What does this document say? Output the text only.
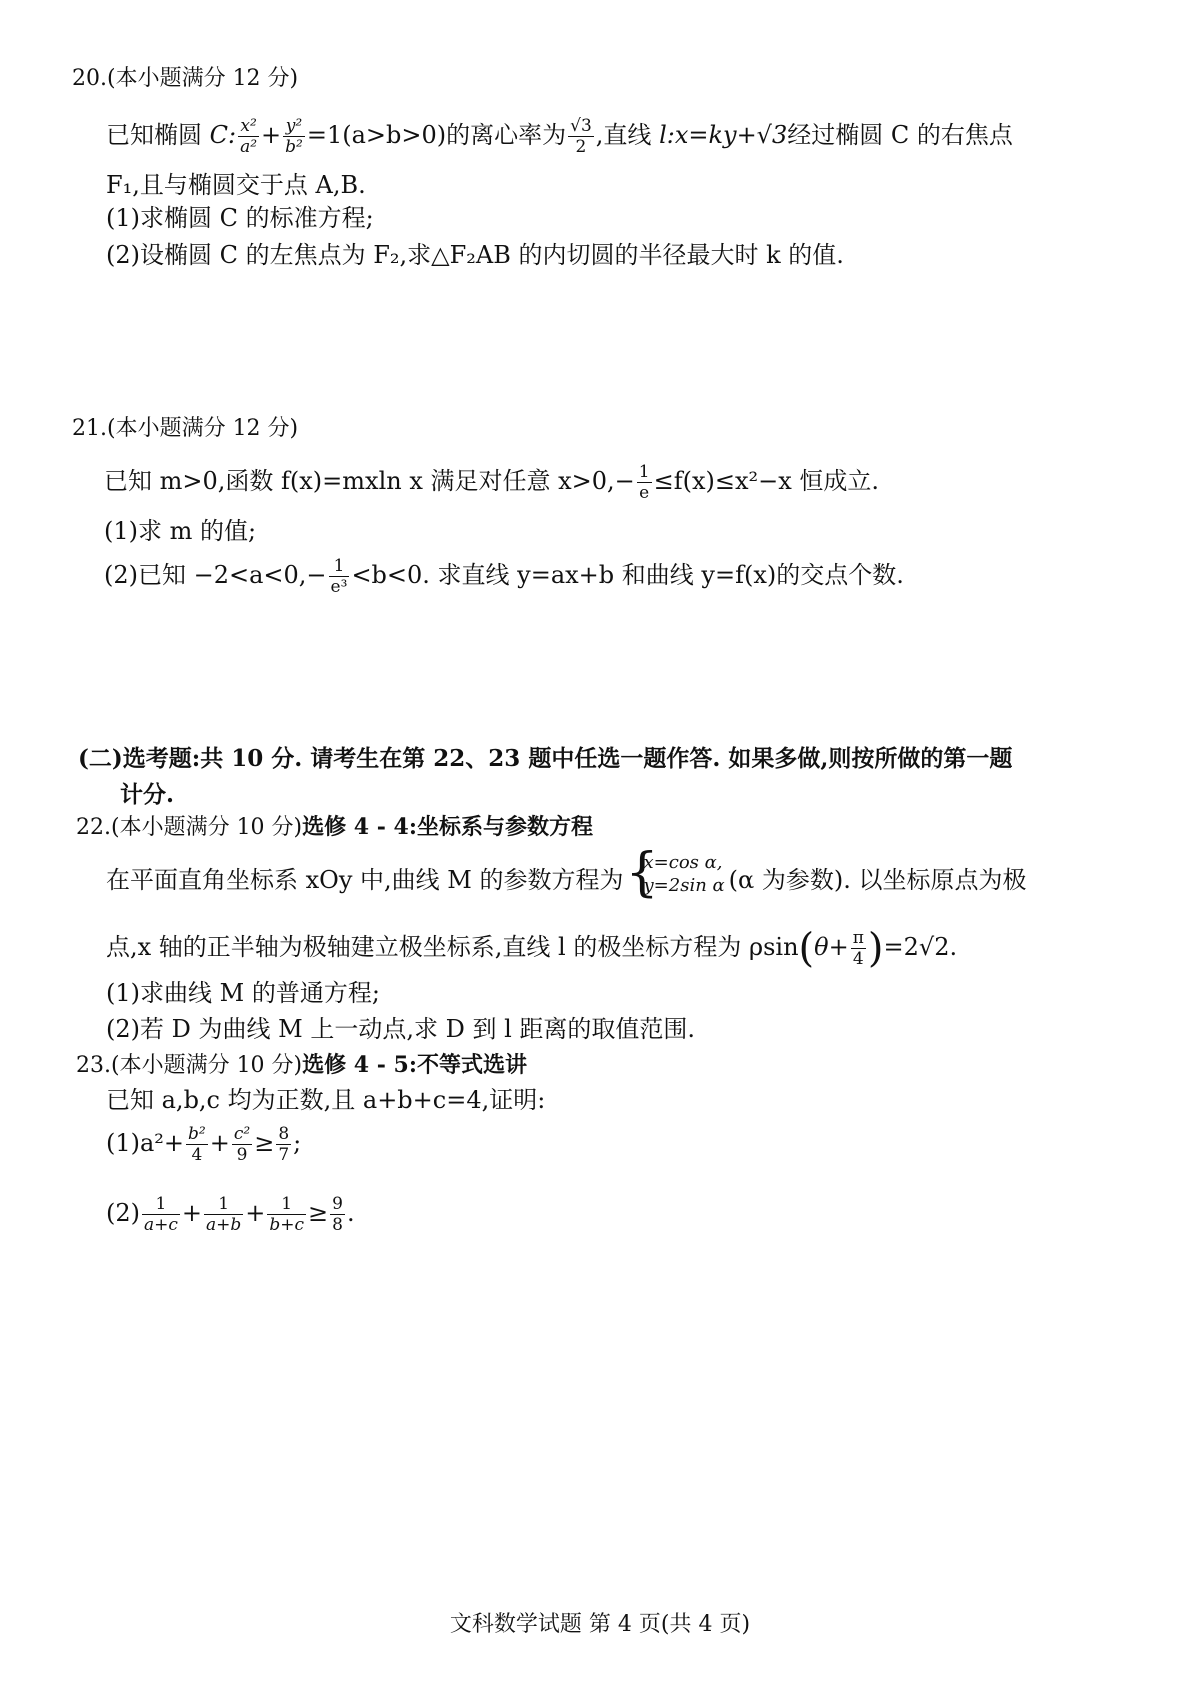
20.(本小题满分 12 分)
已知椭圆 C: $\frac{\text{x²}}{\text{a²}} + \frac{\text{y²}}{\text{b²}} =1(a>b>0)$的离心率为 $\frac{√3}{2}$ ,直线 l:x=ky+√3经过椭圆 C 的右焦点
F₁,且与椭圆交于点 A,B.
(1)求椭圆 C 的标准方程;
(2)设椭圆 C 的左焦点为 F₂,求△F₂AB 的内切圆的半径最大时 k 的值.
21.(本小题满分 12 分)
已知 m>0,函数 f(x)=mxln x 满足对任意 $x>0,- \frac{1}{e} \le f(x)\le x^2-x$ 恒成立.
(1)求 m 的值;
(2)已知 $-2<a<0,- \frac{1}{\text{e³}} <b<0$. 求直线 y=ax+b 和曲线 y=f(x)的交点个数.
(二)选考题:共 10 分. 请考生在第 22、23 题中任选一题作答. 如果多做,则按所做的第一题
计分.
22.(本小题满分 10 分)选修 4 - 4:坐标系与参数方程
在平面直角坐标系 xOy 中,曲线 M 的参数方程为 {
x=cos α,
y=2sin α (α 为参数). 以坐标原点为极
点,x 轴的正半轴为极轴建立极坐标系,直线 l 的极坐标方程为 $\rho\sin(\theta+ \frac{\pi}{4} )=2√2$.
(1)求曲线 M 的普通方程;
(2)若 D 为曲线 M 上一动点,求 D 到 l 距离的取值范围.
23.(本小题满分 10 分)选修 4 - 5:不等式选讲
已知 a,b,c 均为正数,且 a+b+c=4,证明:
$(1)a^2+ \frac{\text{b²}}{4} + \frac{\text{c²}}{9} \ge \frac{8}{7}$ ;
$(2) \frac{1}{a+c} + \frac{1}{a+b} + \frac{1}{b+c} \ge \frac{9}{8}$ .
文科数学试题 第 4 页(共 4 页)
